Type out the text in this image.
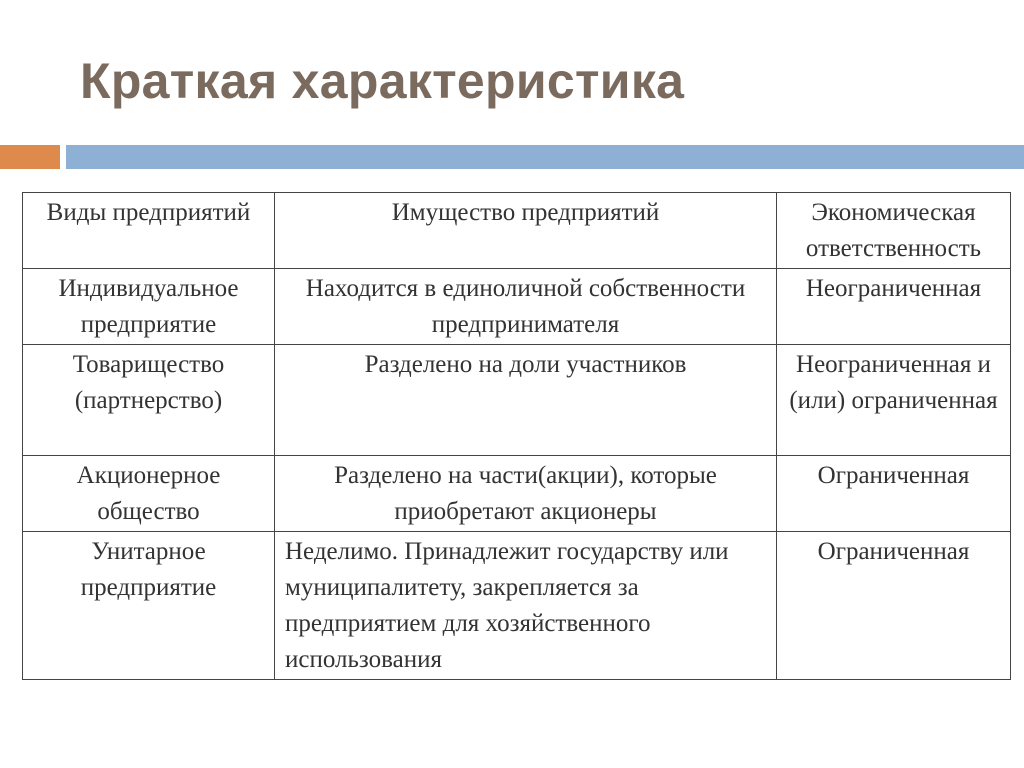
Краткая характеристика
Виды предприятий	Имущество предприятий	Экономическая ответственность
Индивидуальное предприятие	Находится в единоличной собственности предпринимателя	Неограниченная
Товарищество (партнерство)	Разделено на доли участников	Неограниченная и (или) ограниченная
Акционерное общество	Разделено на части(акции), которые приобретают акционеры	Ограниченная
Унитарное предприятие	Неделимо. Принадлежит государству или муниципалитету, закрепляется за предприятием для хозяйственного использования	Ограниченная
